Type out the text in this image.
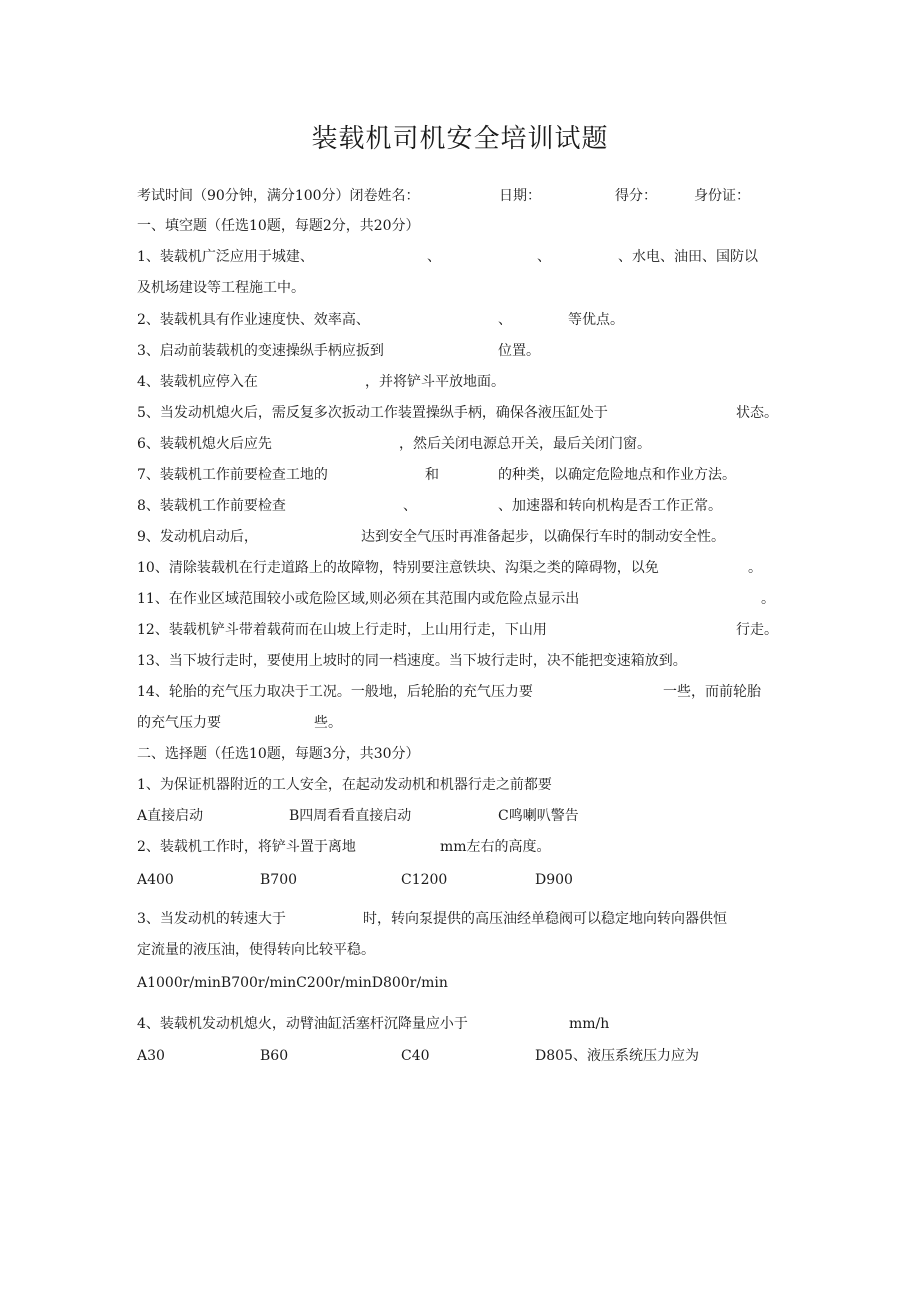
装载机司机安全培训试题

考试时间（90分钟，满分100分）闭卷姓名：

	日期：

	得分：

	身份证：

一、填空题（任选10题，每题2分，共20分）

1、装载机广泛应用于城建、

	、

	、

	、水电、油田、国防以

及机场建设等工程施工中。

2、装载机具有作业速度快、效率高、

	、

	等优点。

3、启动前装载机的变速操纵手柄应扳到

	位置。

4、装载机应停入在

	，并将铲斗平放地面。

5、当发动机熄火后，需反复多次扳动工作装置操纵手柄，确保各液压缸处于

	状态。

6、装载机熄火后应先

	，然后关闭电源总开关，最后关闭门窗。

7、装载机工作前要检查工地的

	和

	的种类，以确定危险地点和作业方法。

8、装载机工作前要检查

	、

	、加速器和转向机构是否工作正常。

9、发动机启动后，

	达到安全气压时再准备起步，以确保行车时的制动安全性。

10、清除装载机在行走道路上的故障物，特别要注意铁块、沟渠之类的障碍物，以免

	。

11、在作业区域范围较小或危险区域,则必须在其范围内或危险点显示出

	。

12、装载机铲斗带着载荷而在山坡上行走时，上山用行走，下山用

	行走。

13、当下坡行走时，要使用上坡时的同一档速度。当下坡行走时，决不能把变速箱放到。

14、轮胎的充气压力取决于工况。一般地，后轮胎的充气压力要

	一些，而前轮胎

的充气压力要

	些。

二、选择题（任选10题，每题3分，共30分）
1、为保证机器附近的工人安全，在起动发动机和机器行走之前都要

A直接启动

	B四周看看直接启动

	C鸣喇叭警告

2、装载机工作时，将铲斗置于离地

	mm左右的高度。

A400

	B700

	C1200

	D900

3、当发动机的转速大于

	时，转向泵提供的高压油经单稳阀可以稳定地向转向器供恒

定流量的液压油，使得转向比较平稳。
A1000r/minB700r/minC200r/minD800r/min

4、装载机发动机熄火，动臂油缸活塞杆沉降量应小于

	mm/h

A30

	B60

	C40

	D805、液压系统压力应为
